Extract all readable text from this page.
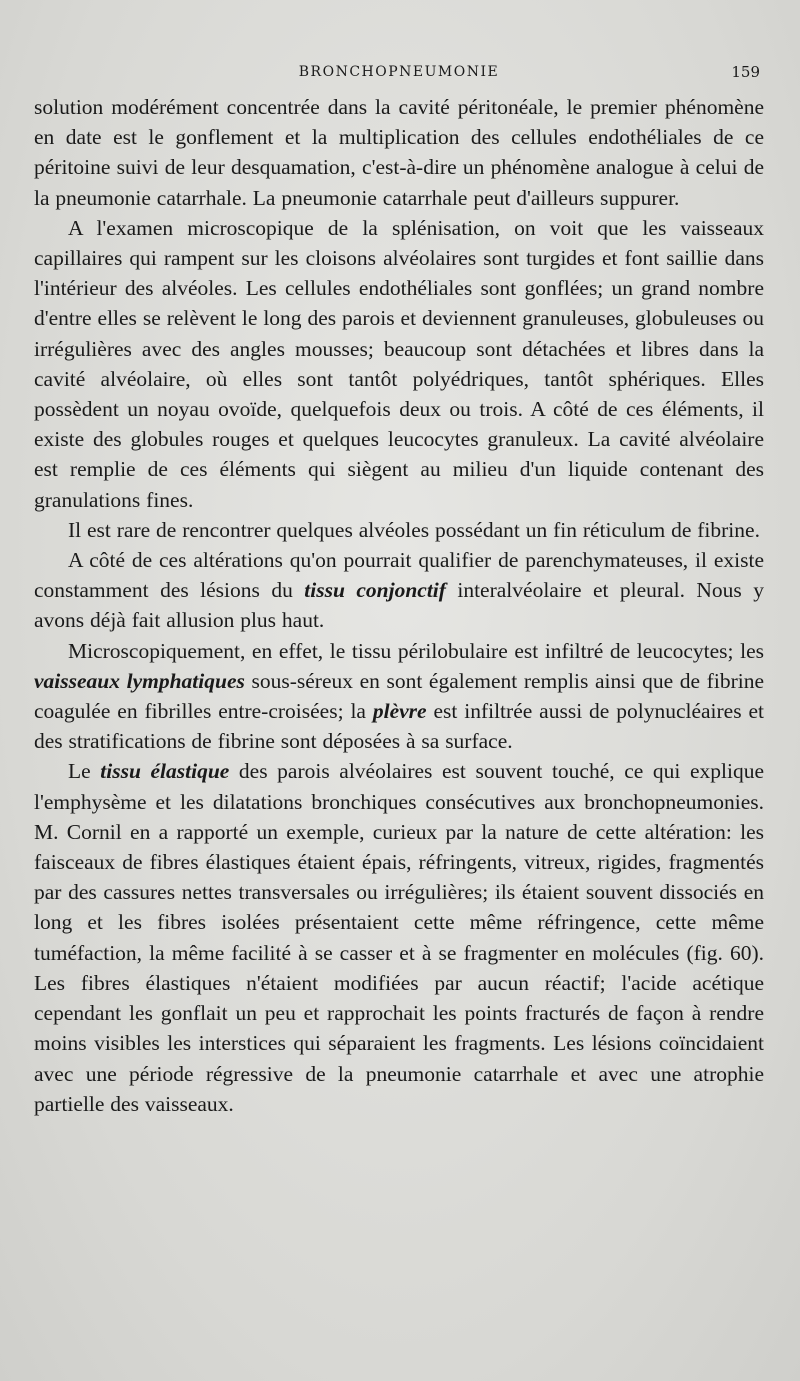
BRONCHOPNEUMONIE	159

solution modérément concentrée dans la cavité péritonéale, le premier phénomène en date est le gonflement et la multiplication des cellules endothéliales de ce péritoine suivi de leur desquamation, c'est-à-dire un phénomène analogue à celui de la pneumonie catarrhale. La pneumonie catarrhale peut d'ailleurs suppurer.

A l'examen microscopique de la splénisation, on voit que les vaisseaux capillaires qui rampent sur les cloisons alvéolaires sont turgides et font saillie dans l'intérieur des alvéoles. Les cellules endothéliales sont gonflées; un grand nombre d'entre elles se relèvent le long des parois et deviennent granuleuses, globuleuses ou irrégulières avec des angles mousses; beaucoup sont détachées et libres dans la cavité alvéolaire, où elles sont tantôt polyédriques, tantôt sphériques. Elles possèdent un noyau ovoïde, quelquefois deux ou trois. A côté de ces éléments, il existe des globules rouges et quelques leucocytes granuleux. La cavité alvéolaire est remplie de ces éléments qui siègent au milieu d'un liquide contenant des granulations fines.

Il est rare de rencontrer quelques alvéoles possédant un fin réticulum de fibrine.

A côté de ces altérations qu'on pourrait qualifier de parenchymateuses, il existe constamment des lésions du tissu conjonctif interalvéolaire et pleural. Nous y avons déjà fait allusion plus haut.

Microscopiquement, en effet, le tissu périlobulaire est infiltré de leucocytes; les vaisseaux lymphatiques sous-séreux en sont également remplis ainsi que de fibrine coagulée en fibrilles entre-croisées; la plèvre est infiltrée aussi de polynucléaires et des stratifications de fibrine sont déposées à sa surface.

Le tissu élastique des parois alvéolaires est souvent touché, ce qui explique l'emphysème et les dilatations bronchiques consécutives aux bronchopneumonies. M. Cornil en a rapporté un exemple, curieux par la nature de cette altération: les faisceaux de fibres élastiques étaient épais, réfringents, vitreux, rigides, fragmentés par des cassures nettes transversales ou irrégulières; ils étaient souvent dissociés en long et les fibres isolées présentaient cette même réfringence, cette même tuméfaction, la même facilité à se casser et à se fragmenter en molécules (fig. 60). Les fibres élastiques n'étaient modifiées par aucun réactif; l'acide acétique cependant les gonflait un peu et rapprochait les points fracturés de façon à rendre moins visibles les interstices qui séparaient les fragments. Les lésions coïncidaient avec une période régressive de la pneumonie catarrhale et avec une atrophie partielle des vaisseaux.
